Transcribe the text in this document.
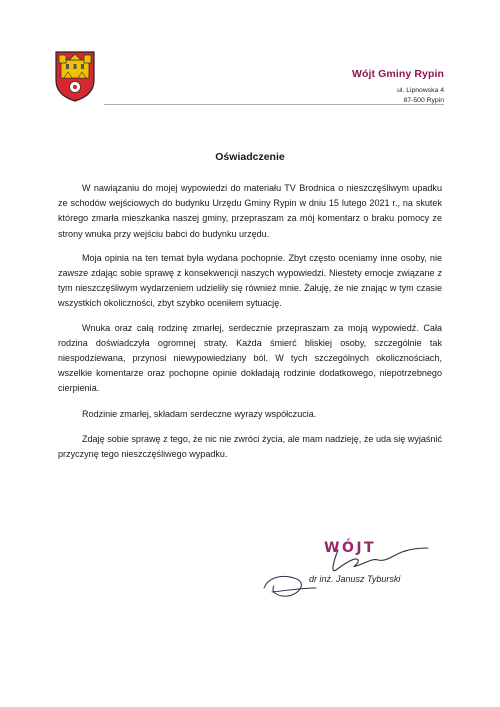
Wójt Gminy Rypin
ul. Lipnowska 4
87-500 Rypin
Oświadczenie

W nawiązaniu do mojej wypowiedzi do materiału TV Brodnica o nieszczęśliwym upadku ze schodów wejściowych do budynku Urzędu Gminy Rypin w dniu 15 lutego 2021 r., na skutek którego zmarła mieszkanka naszej gminy, przepraszam za mój komentarz o braku pomocy ze strony wnuka przy wejściu babci do budynku urzędu.

Moja opinia na ten temat była wydana pochopnie. Zbyt często oceniamy inne osoby, nie zawsze zdając sobie sprawę z konsekwencji naszych wypowiedzi. Niestety emocje związane z tym nieszczęśliwym wydarzeniem udzieliły się również mnie. Żałuję, że nie znając w tym czasie wszystkich okoliczności, zbyt szybko oceniłem sytuację.

Wnuka oraz całą rodzinę zmarłej, serdecznie przepraszam za moją wypowiedź. Cała rodzina doświadczyła ogromnej straty. Każda śmierć bliskiej osoby, szczególnie tak niespodziewana, przynosi niewypowiedziany ból. W tych szczególnych okolicznościach, wszelkie komentarze oraz pochopne opinie dokładają rodzinie dodatkowego, niepotrzebnego cierpienia.

Rodzinie zmarłej, składam serdeczne wyrazy współczucia.

Zdaję sobie sprawę z tego, że nic nie zwróci życia, ale mam nadzieję, że uda się wyjaśnić przyczynę tego nieszczęśliwego wypadku.

WÓJT
dr inż. Janusz Tyburski
